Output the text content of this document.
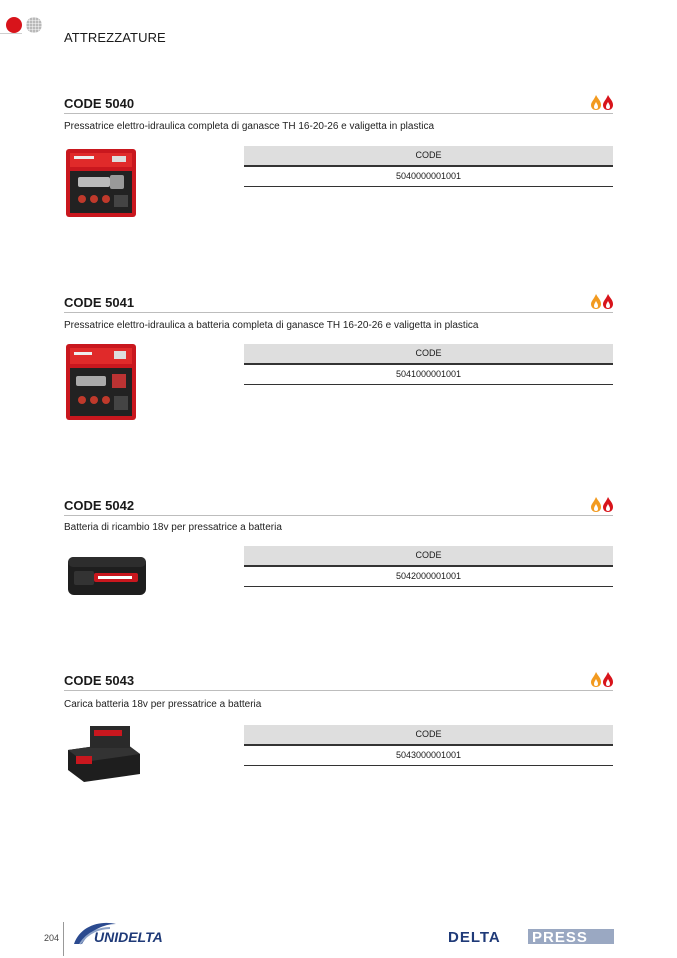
ATTREZZATURE
CODE 5040
Pressatrice elettro-idraulica completa di ganasce TH 16-20-26 e valigetta in plastica
CODE
5040000001001
CODE 5041
Pressatrice elettro-idraulica a batteria completa di ganasce TH 16-20-26 e valigetta in plastica
CODE
5041000001001
CODE 5042
Batteria di ricambio 18v per pressatrice a batteria
CODE
5042000001001
CODE 5043
Carica batteria 18v per pressatrice a batteria
CODE
5043000001001
204 UNIDELTA	DELTA PRESS
